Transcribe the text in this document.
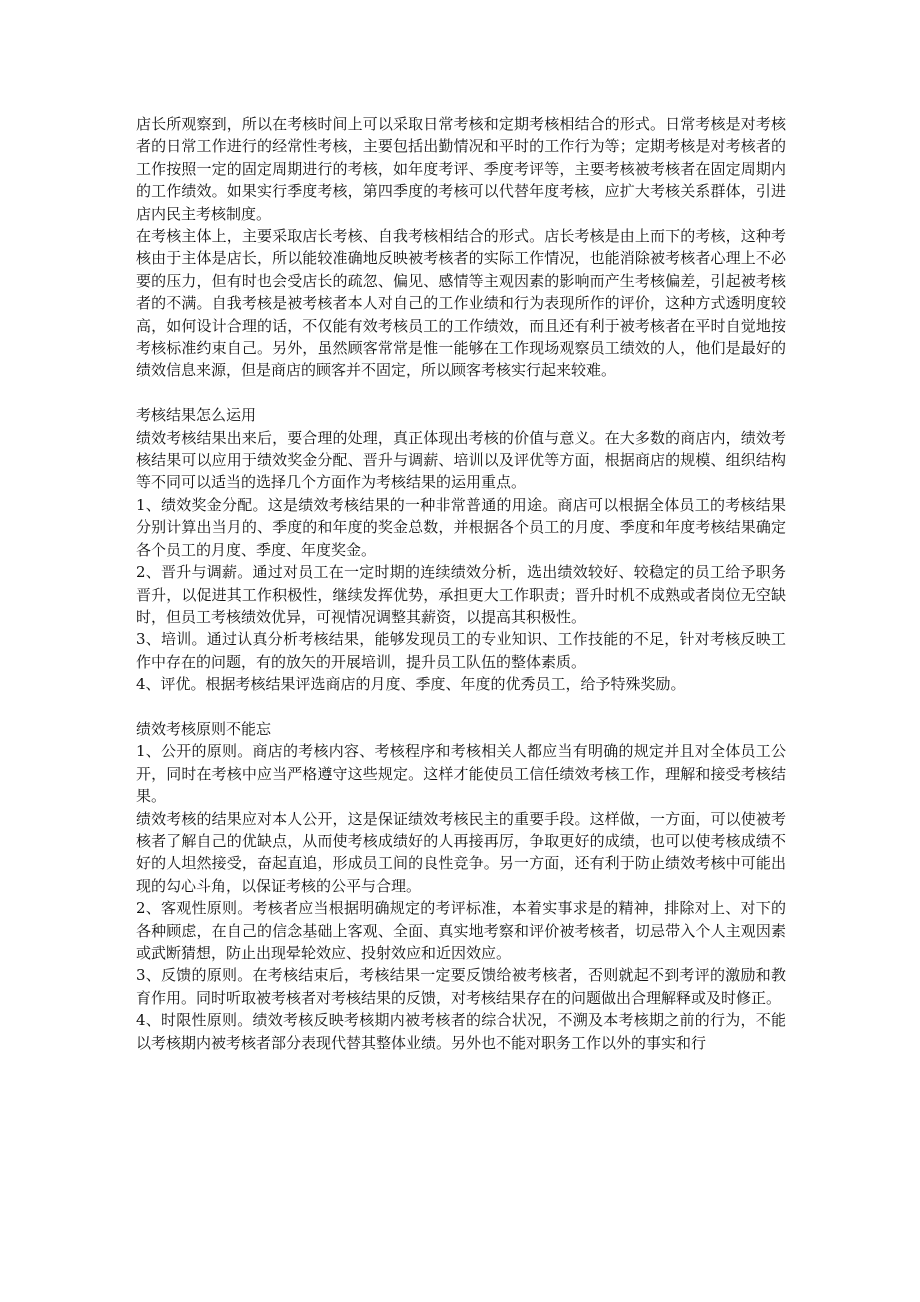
店长所观察到，所以在考核时间上可以采取日常考核和定期考核相结合的形式。日常考核是对考核者的日常工作进行的经常性考核，主要包括出勤情况和平时的工作行为等；定期考核是对考核者的工作按照一定的固定周期进行的考核，如年度考评、季度考评等，主要考核被考核者在固定周期内的工作绩效。如果实行季度考核，第四季度的考核可以代替年度考核，应扩大考核关系群体，引进店内民主考核制度。

在考核主体上，主要采取店长考核、自我考核相结合的形式。店长考核是由上而下的考核，这种考核由于主体是店长，所以能较准确地反映被考核者的实际工作情况，也能消除被考核者心理上不必要的压力，但有时也会受店长的疏忽、偏见、感情等主观因素的影响而产生考核偏差，引起被考核者的不满。自我考核是被考核者本人对自己的工作业绩和行为表现所作的评价，这种方式透明度较高，如何设计合理的话，不仅能有效考核员工的工作绩效，而且还有利于被考核者在平时自觉地按考核标准约束自己。另外，虽然顾客常常是惟一能够在工作现场观察员工绩效的人，他们是最好的绩效信息来源，但是商店的顾客并不固定，所以顾客考核实行起来较难。

考核结果怎么运用

绩效考核结果出来后，要合理的处理，真正体现出考核的价值与意义。在大多数的商店内，绩效考核结果可以应用于绩效奖金分配、晋升与调薪、培训以及评优等方面，根据商店的规模、组织结构等不同可以适当的选择几个方面作为考核结果的运用重点。

1、绩效奖金分配。这是绩效考核结果的一种非常普通的用途。商店可以根据全体员工的考核结果分别计算出当月的、季度的和年度的奖金总数，并根据各个员工的月度、季度和年度考核结果确定各个员工的月度、季度、年度奖金。

2、晋升与调薪。通过对员工在一定时期的连续绩效分析，选出绩效较好、较稳定的员工给予职务晋升，以促进其工作积极性，继续发挥优势，承担更大工作职责；晋升时机不成熟或者岗位无空缺时，但员工考核绩效优异，可视情况调整其薪资，以提高其积极性。

3、培训。通过认真分析考核结果，能够发现员工的专业知识、工作技能的不足，针对考核反映工作中存在的问题，有的放矢的开展培训，提升员工队伍的整体素质。

4、评优。根据考核结果评选商店的月度、季度、年度的优秀员工，给予特殊奖励。

绩效考核原则不能忘

1、公开的原则。商店的考核内容、考核程序和考核相关人都应当有明确的规定并且对全体员工公开，同时在考核中应当严格遵守这些规定。这样才能使员工信任绩效考核工作，理解和接受考核结果。

绩效考核的结果应对本人公开，这是保证绩效考核民主的重要手段。这样做，一方面，可以使被考核者了解自己的优缺点，从而使考核成绩好的人再接再厉，争取更好的成绩，也可以使考核成绩不好的人坦然接受，奋起直追，形成员工间的良性竞争。另一方面，还有利于防止绩效考核中可能出现的勾心斗角，以保证考核的公平与合理。

2、客观性原则。考核者应当根据明确规定的考评标准，本着实事求是的精神，排除对上、对下的各种顾虑，在自己的信念基础上客观、全面、真实地考察和评价被考核者，切忌带入个人主观因素或武断猜想，防止出现晕轮效应、投射效应和近因效应。

3、反馈的原则。在考核结束后，考核结果一定要反馈给被考核者，否则就起不到考评的激励和教育作用。同时听取被考核者对考核结果的反馈，对考核结果存在的问题做出合理解释或及时修正。

4、时限性原则。绩效考核反映考核期内被考核者的综合状况，不溯及本考核期之前的行为，不能以考核期内被考核者部分表现代替其整体业绩。另外也不能对职务工作以外的事实和行
